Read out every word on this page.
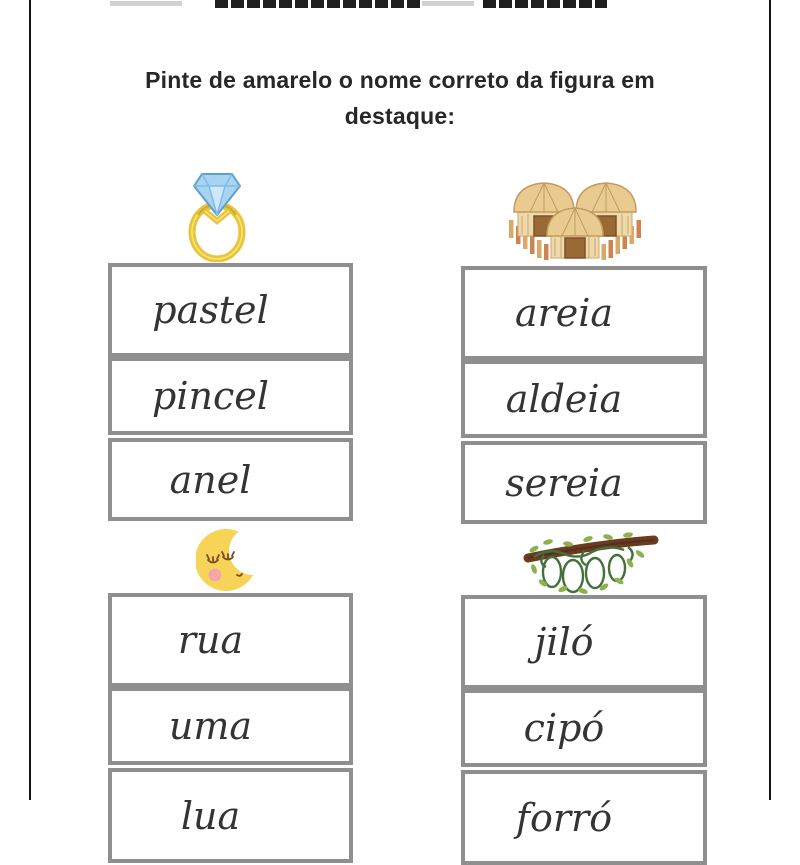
Pinte de amarelo o nome correto da figura em
destaque:
pastel
pincel
anel
areia
aldeia
sereia
rua
uma
lua
jiló
cipó
forró
